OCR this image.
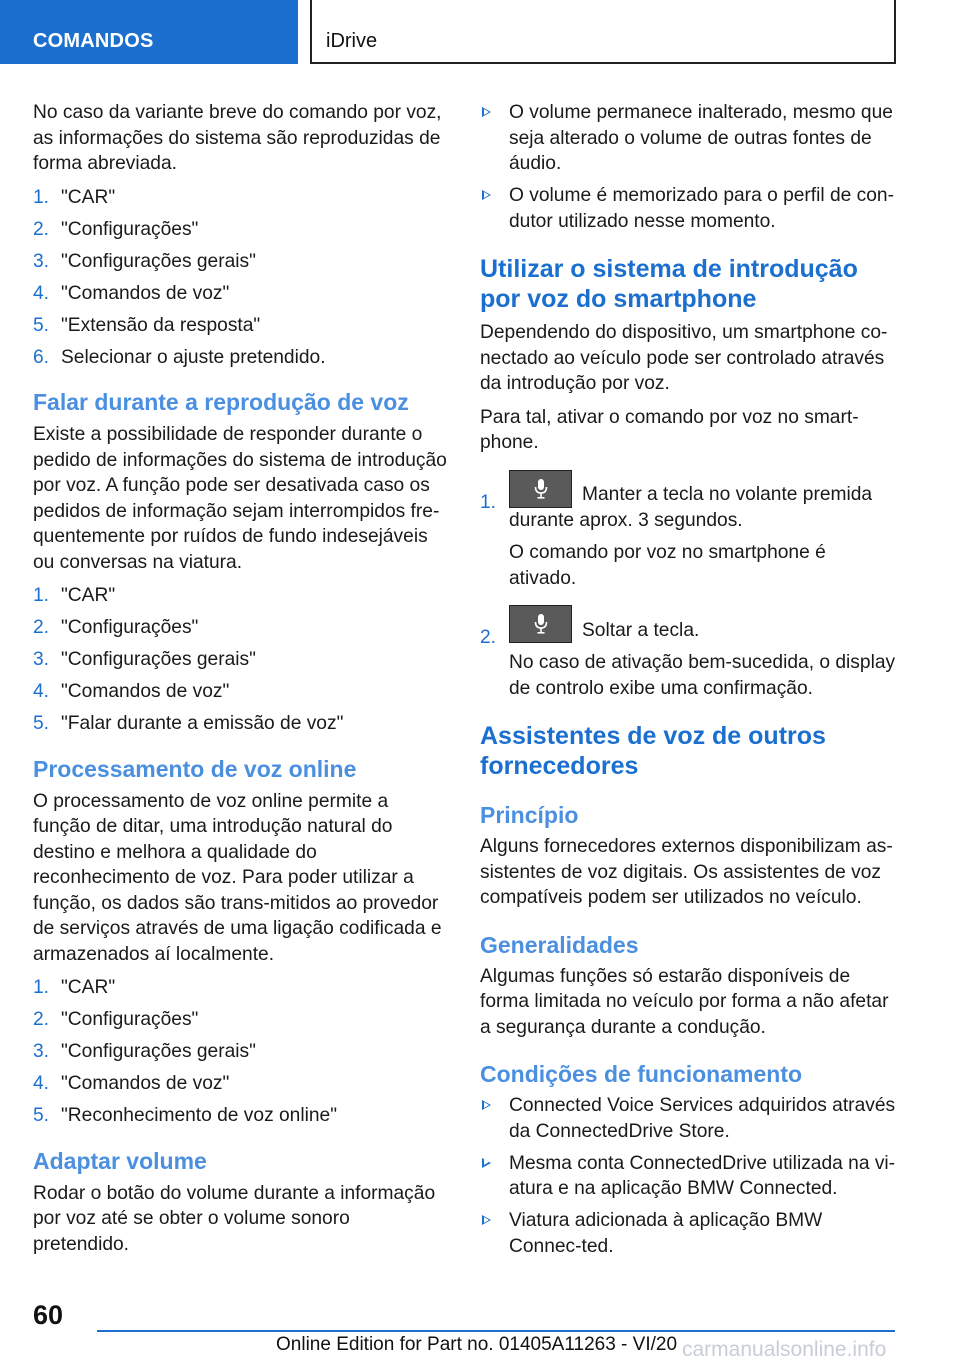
COMANDOS	iDrive

No caso da variante breve do comando por voz, as informações do sistema são reproduzidas de forma abreviada.

1. "CAR"
2. "Configurações"
3. "Configurações gerais"
4. "Comandos de voz"
5. "Extensão da resposta"
6. Selecionar o ajuste pretendido.
Falar durante a reprodução de voz

Existe a possibilidade de responder durante o pedido de informações do sistema de introdução por voz. A função pode ser desativada caso os pedidos de informação sejam interrompidos fre‐quentemente por ruídos de fundo indesejáveis ou conversas na viatura.

1. "CAR"
2. "Configurações"
3. "Configurações gerais"
4. "Comandos de voz"
5. "Falar durante a emissão de voz"
Processamento de voz online

O processamento de voz online permite a função de ditar, uma introdução natural do destino e melhora a qualidade do reconhecimento de voz. Para poder utilizar a função, os dados são trans‐mitidos ao provedor de serviços através de uma ligação codificada e armazenados aí localmente.

1. "CAR"
2. "Configurações"
3. "Configurações gerais"
4. "Comandos de voz"
5. "Reconhecimento de voz online"
Adaptar volume

Rodar o botão do volume durante a informação por voz até se obter o volume sonoro pretendido.

O volume permanece inalterado, mesmo que seja alterado o volume de outras fontes de áudio.
O volume é memorizado para o perfil de con‐dutor utilizado nesse momento.
Utilizar o sistema de introdução por voz do smartphone

Dependendo do dispositivo, um smartphone co‐nectado ao veículo pode ser controlado através da introdução por voz.

Para tal, ativar o comando por voz no smart‐phone.

1.	Manter a tecla no volante premida durante aprox. 3 segundos.
O comando por voz no smartphone é ativado.
2.	Soltar a tecla.
No caso de ativação bem-sucedida, o display de controlo exibe uma confirmação.
Assistentes de voz de outros fornecedores
Princípio

Alguns fornecedores externos disponibilizam as‐sistentes de voz digitais. Os assistentes de voz compatíveis podem ser utilizados no veículo.

Generalidades

Algumas funções só estarão disponíveis de forma limitada no veículo por forma a não afetar a segurança durante a condução.

Condições de funcionamento
Connected Voice Services adquiridos através da ConnectedDrive Store.
Mesma conta ConnectedDrive utilizada na vi‐atura e na aplicação BMW Connected.
Viatura adicionada à aplicação BMW Connec‐ted.
60
Online Edition for Part no. 01405A11263 - VI/20 carmanualsonline.info
